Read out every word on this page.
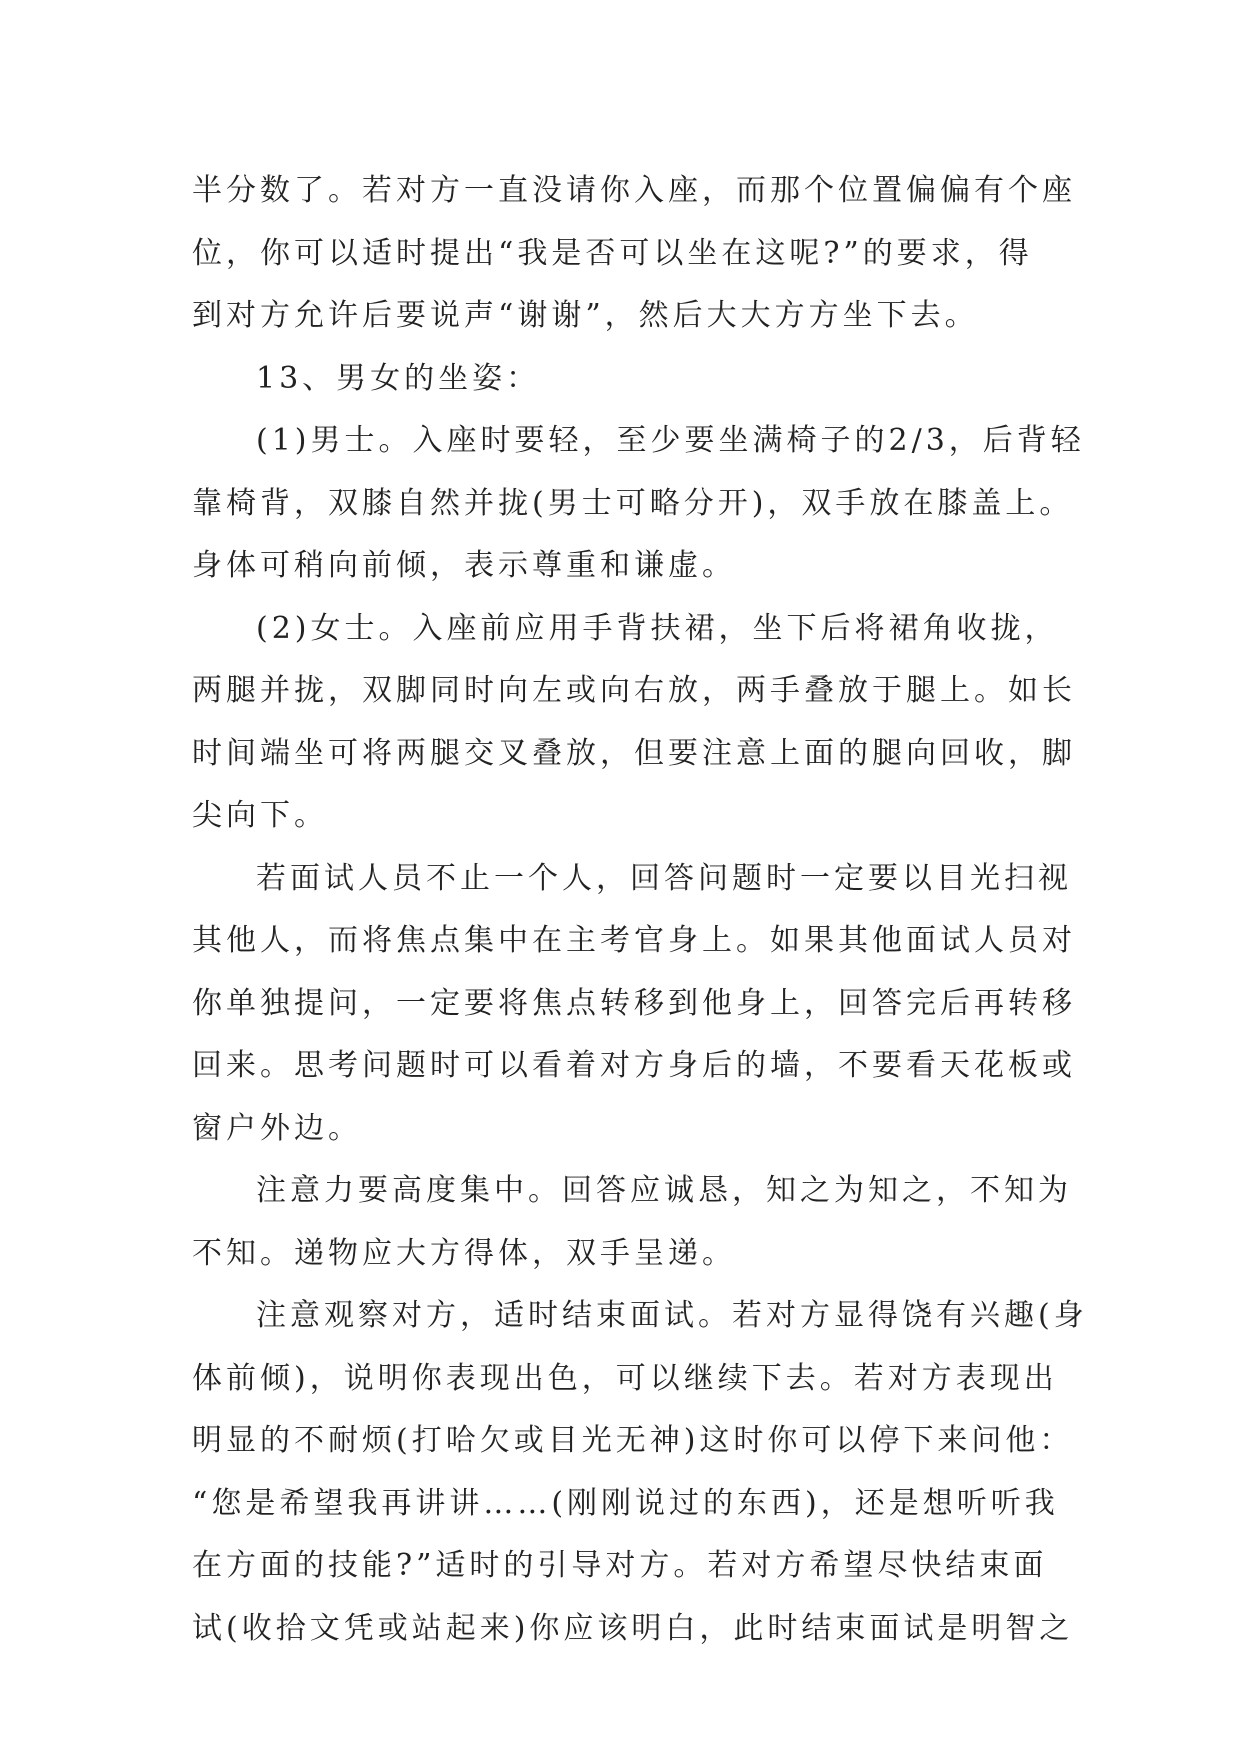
半分数了。若对方一直没请你入座，而那个位置偏偏有个座
位，你可以适时提出“我是否可以坐在这呢?”的要求，得
到对方允许后要说声“谢谢”，然后大大方方坐下去。
13、男女的坐姿：
(1)男士。入座时要轻，至少要坐满椅子的2/3，后背轻
靠椅背，双膝自然并拢(男士可略分开)，双手放在膝盖上。
身体可稍向前倾，表示尊重和谦虚。
(2)女士。入座前应用手背扶裙，坐下后将裙角收拢，
两腿并拢，双脚同时向左或向右放，两手叠放于腿上。如长
时间端坐可将两腿交叉叠放，但要注意上面的腿向回收，脚
尖向下。
若面试人员不止一个人，回答问题时一定要以目光扫视
其他人，而将焦点集中在主考官身上。如果其他面试人员对
你单独提问，一定要将焦点转移到他身上，回答完后再转移
回来。思考问题时可以看着对方身后的墙，不要看天花板或
窗户外边。
注意力要高度集中。回答应诚恳，知之为知之，不知为
不知。递物应大方得体，双手呈递。
注意观察对方，适时结束面试。若对方显得饶有兴趣(身
体前倾)，说明你表现出色，可以继续下去。若对方表现出
明显的不耐烦(打哈欠或目光无神)这时你可以停下来问他：
“您是希望我再讲讲……(刚刚说过的东西)，还是想听听我
在方面的技能?”适时的引导对方。若对方希望尽快结束面
试(收拾文凭或站起来)你应该明白，此时结束面试是明智之
